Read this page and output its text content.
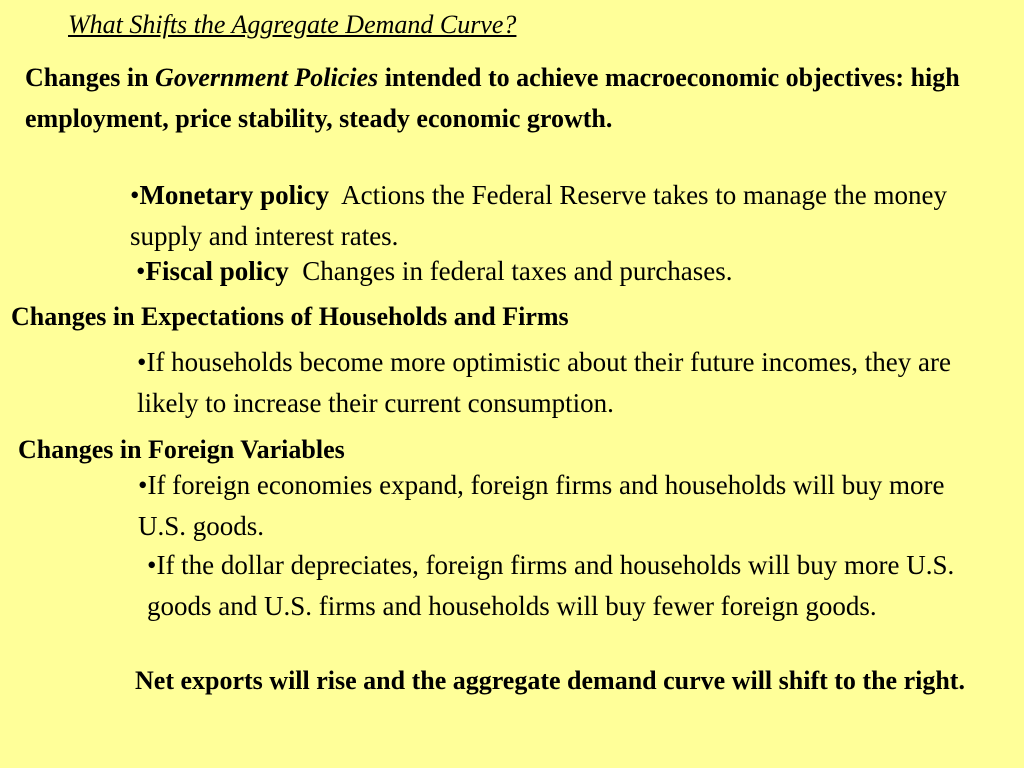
What Shifts the Aggregate Demand Curve?

Changes in Government Policies intended to achieve macroeconomic objectives: high employment, price stability, steady economic growth.

•Monetary policy  Actions the Federal Reserve takes to manage the money supply and interest rates.

•Fiscal policy  Changes in federal taxes and purchases.

Changes in Expectations of Households and Firms

•If households become more optimistic about their future incomes, they are likely to increase their current consumption.

Changes in Foreign Variables

•If foreign economies expand, foreign firms and households will buy more U.S. goods.

•If the dollar depreciates, foreign firms and households will buy more U.S. goods and U.S. firms and households will buy fewer foreign goods.

Net exports will rise and the aggregate demand curve will shift to the right.
